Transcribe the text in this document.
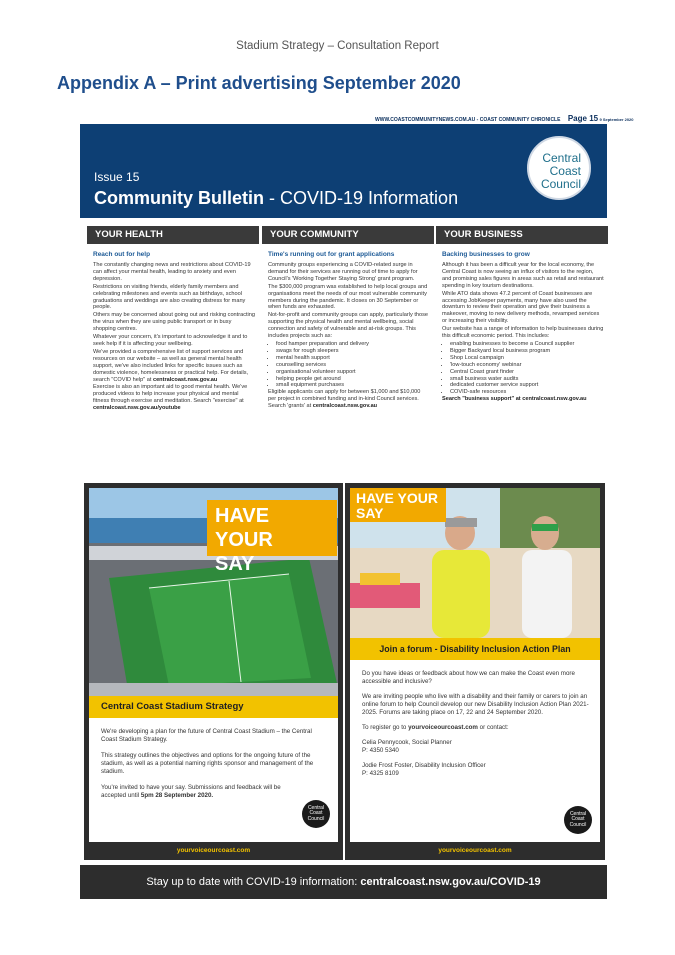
Stadium Strategy – Consultation Report
Appendix A – Print advertising September 2020
WWW.COASTCOMMUNITYNEWS.COM.AU - COAST COMMUNITY CHRONICLE Page 15 9 September 2020
Issue 15
Community Bulletin - COVID-19 Information
Central
Coast
Council
YOUR HEALTH
Reach out for help

The constantly changing news and restrictions about COVID-19 can affect your mental health, leading to anxiety and even depression.

Restrictions on visiting friends, elderly family members and celebrating milestones and events such as birthdays, school graduations and weddings are also creating distress for many people.

Others may be concerned about going out and risking contracting the virus when they are using public transport or in busy shopping centres.

Whatever your concern, it's important to acknowledge it and to seek help if it is affecting your wellbeing.

We've provided a comprehensive list of support services and resources on our website – as well as general mental health support, we've also included links for specific issues such as domestic violence, homelessness or practical help. For details, search "COVID help" at centralcoast.nsw.gov.au

Exercise is also an important aid to good mental health. We've produced videos to help increase your physical and mental fitness through exercise and meditation. Search "exercise" at centralcoast.nsw.gov.au/youtube

YOUR COMMUNITY
Time's running out for grant applications

Community groups experiencing a COVID-related surge in demand for their services are running out of time to apply for Council's 'Working Together Staying Strong' grant program.

The $300,000 program was established to help local groups and organisations meet the needs of our most vulnerable community members during the pandemic. It closes on 30 September or when funds are exhausted.

Not-for-profit and community groups can apply, particularly those supporting the physical health and mental wellbeing, social connection and safety of vulnerable and at-risk groups. This includes projects such as:

• food hamper preparation and delivery
• swags for rough sleepers
• mental health support
• counselling services
• organisational volunteer support
• helping people get around
• small equipment purchases

Eligible applicants can apply for between $1,000 and $10,000 per project in combined funding and in-kind Council services. Search 'grants' at centralcoast.nsw.gov.au

YOUR BUSINESS
Backing businesses to grow

Although it has been a difficult year for the local economy, the Central Coast is now seeing an influx of visitors to the region, and promising sales figures in areas such as retail and restaurant spending in key tourism destinations.

While ATO data shows 47.2 percent of Coast businesses are accessing JobKeeper payments, many have also used the downturn to review their operation and give their business a makeover, moving to new delivery methods, revamped services or increasing their visibility.

Our website has a range of information to help businesses during this difficult economic period. This includes:

• enabling businesses to become a Council supplier
• Bigger Backyard local business program
• Shop Local campaign
• 'low-touch economy' webinar
• Central Coast grant finder
• small business water audits
• dedicated customer service support
• COVID-safe resources

Search "business support" at centralcoast.nsw.gov.au

HAVE YOUR
SAY
Central Coast Stadium Strategy

We're developing a plan for the future of Central Coast Stadium – the Central Coast Stadium Strategy.

This strategy outlines the objectives and options for the ongoing future of the stadium, as well as a potential naming rights sponsor and management of the stadium.

You're invited to have your say. Submissions and feedback will be accepted until 5pm 28 September 2020.

Central
Coast
Council
yourvoiceourcoast.com
HAVE YOUR
SAY
Join a forum - Disability Inclusion Action Plan

Do you have ideas or feedback about how we can make the Coast even more accessible and inclusive?

We are inviting people who live with a disability and their family or carers to join an online forum to help Council develop our new Disability Inclusion Action Plan 2021-2025. Forums are taking place on 17, 22 and 24 September 2020.

To register go to yourvoiceourcoast.com or contact:

Celia Pennycook, Social Planner

P: 4350 5340

Jodie Frost Foster, Disability Inclusion Officer

P: 4325 8109

Central
Coast
Council
yourvoiceourcoast.com
Stay up to date with COVID-19 information: centralcoast.nsw.gov.au/COVID-19
